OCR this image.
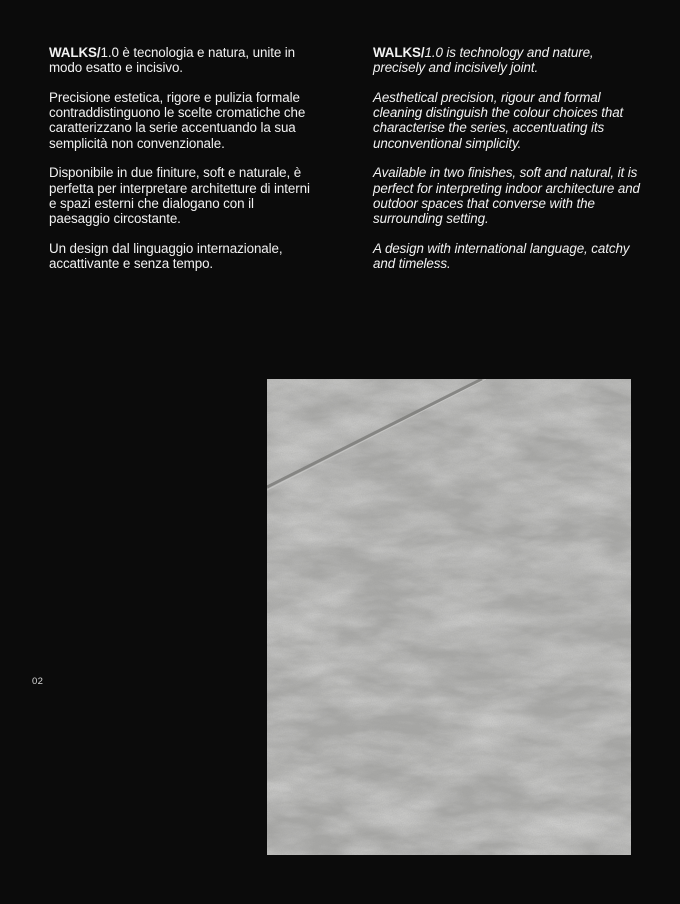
WALKS/1.0 è tecnologia e natura, unite in modo esatto e incisivo.

Precisione estetica, rigore e pulizia formale contraddistinguono le scelte cromatiche che caratterizzano la serie accentuando la sua semplicità non convenzionale.

Disponibile in due finiture, soft e naturale, è perfetta per interpretare architetture di interni e spazi esterni che dialogano con il paesaggio circostante.

Un design dal linguaggio internazionale, accattivante e senza tempo.

WALKS/1.0 is technology and nature, precisely and incisively joint.

Aesthetical precision, rigour and formal cleaning distinguish the colour choices that characterise the series, accentuating its unconventional simplicity.

Available in two finishes, soft and natural, it is perfect for interpreting indoor architecture and outdoor spaces that converse with the surrounding setting.

A design with international language, catchy and timeless.

02
